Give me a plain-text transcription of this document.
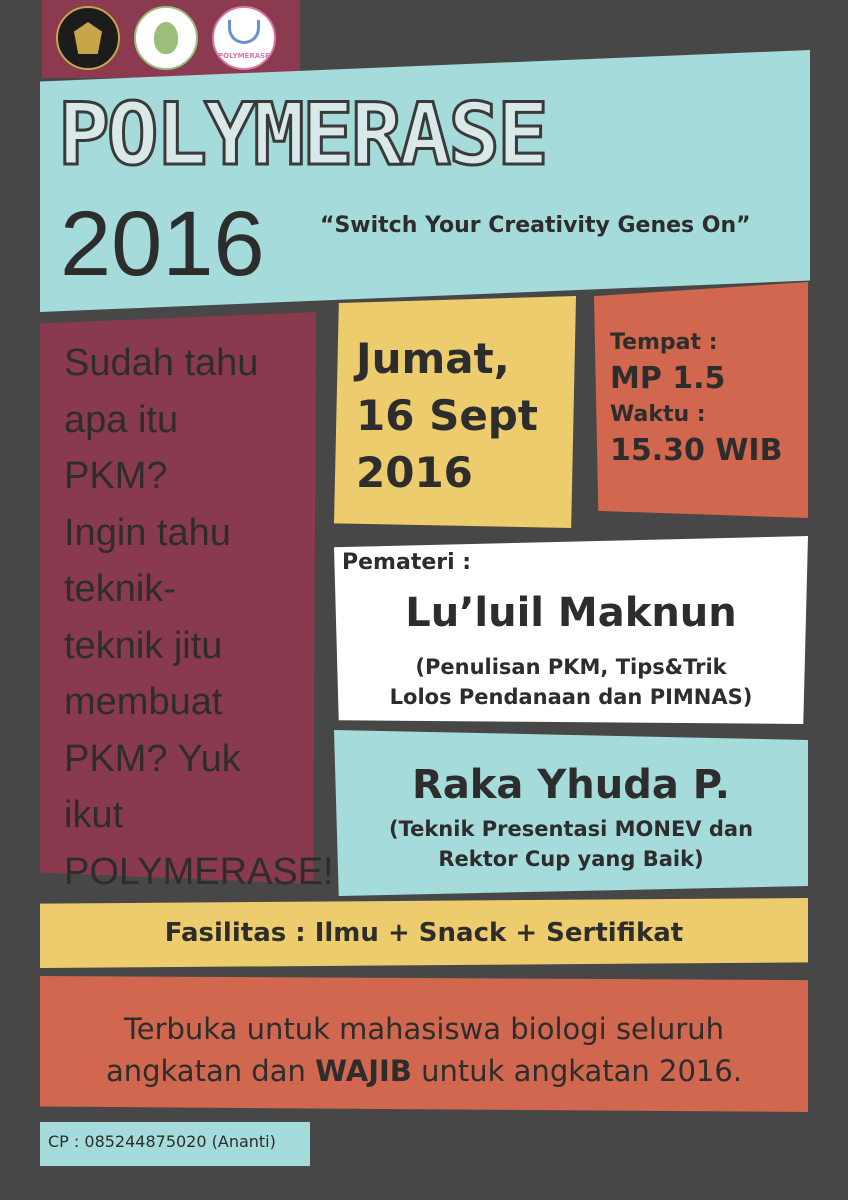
POLYMERASE
POLYMERASE
2016	“Switch Your Creativity Genes On”
Sudah tahu
apa itu
PKM?
Ingin tahu
teknik-
teknik jitu
membuat
PKM? Yuk
ikut
POLYMERASE!
Jumat,
16 Sept
2016
Tempat :
MP 1.5
Waktu :
15.30 WIB
Pemateri :
Lu’luil Maknun
(Penulisan PKM, Tips&Trik
Lolos Pendanaan dan PIMNAS)
Raka Yhuda P.
(Teknik Presentasi MONEV dan
Rektor Cup yang Baik)
Fasilitas : Ilmu + Snack + Sertifikat
Terbuka untuk mahasiswa biologi seluruh
angkatan dan WAJIB untuk angkatan 2016.
CP : 085244875020 (Ananti)
